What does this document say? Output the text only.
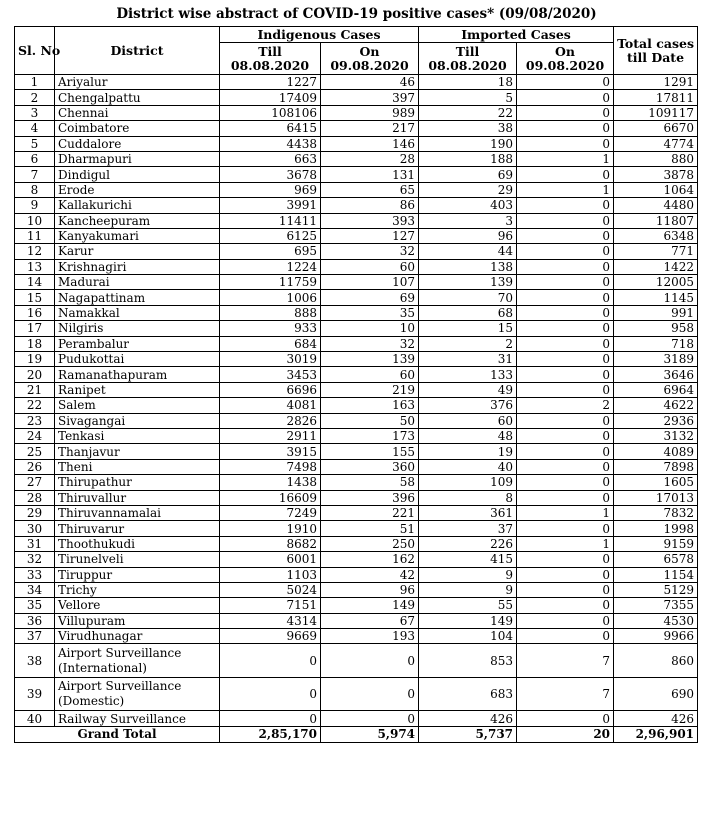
District wise abstract of COVID-19 positive cases* (09/08/2020)
Sl. No	District	Indigenous Cases		Imported Cases		Total cases till Date
		Till 08.08.2020	On 09.08.2020	Till 08.08.2020	On 09.08.2020	
1	Ariyalur	1227	46	18	0	1291
2	Chengalpattu	17409	397	5	0	17811
3	Chennai	108106	989	22	0	109117
4	Coimbatore	6415	217	38	0	6670
5	Cuddalore	4438	146	190	0	4774
6	Dharmapuri	663	28	188	1	880
7	Dindigul	3678	131	69	0	3878
8	Erode	969	65	29	1	1064
9	Kallakurichi	3991	86	403	0	4480
10	Kancheepuram	11411	393	3	0	11807
11	Kanyakumari	6125	127	96	0	6348
12	Karur	695	32	44	0	771
13	Krishnagiri	1224	60	138	0	1422
14	Madurai	11759	107	139	0	12005
15	Nagapattinam	1006	69	70	0	1145
16	Namakkal	888	35	68	0	991
17	Nilgiris	933	10	15	0	958
18	Perambalur	684	32	2	0	718
19	Pudukottai	3019	139	31	0	3189
20	Ramanathapuram	3453	60	133	0	3646
21	Ranipet	6696	219	49	0	6964
22	Salem	4081	163	376	2	4622
23	Sivagangai	2826	50	60	0	2936
24	Tenkasi	2911	173	48	0	3132
25	Thanjavur	3915	155	19	0	4089
26	Theni	7498	360	40	0	7898
27	Thirupathur	1438	58	109	0	1605
28	Thiruvallur	16609	396	8	0	17013
29	Thiruvannamalai	7249	221	361	1	7832
30	Thiruvarur	1910	51	37	0	1998
31	Thoothukudi	8682	250	226	1	9159
32	Tirunelveli	6001	162	415	0	6578
33	Tiruppur	1103	42	9	0	1154
34	Trichy	5024	96	9	0	5129
35	Vellore	7151	149	55	0	7355
36	Villupuram	4314	67	149	0	4530
37	Virudhunagar	9669	193	104	0	9966
38	Airport Surveillance (International)	0	0	853	7	860
39	Airport Surveillance (Domestic)	0	0	683	7	690
40	Railway Surveillance	0	0	426	0	426
Grand Total		2,85,170	5,974	5,737	20	2,96,901
